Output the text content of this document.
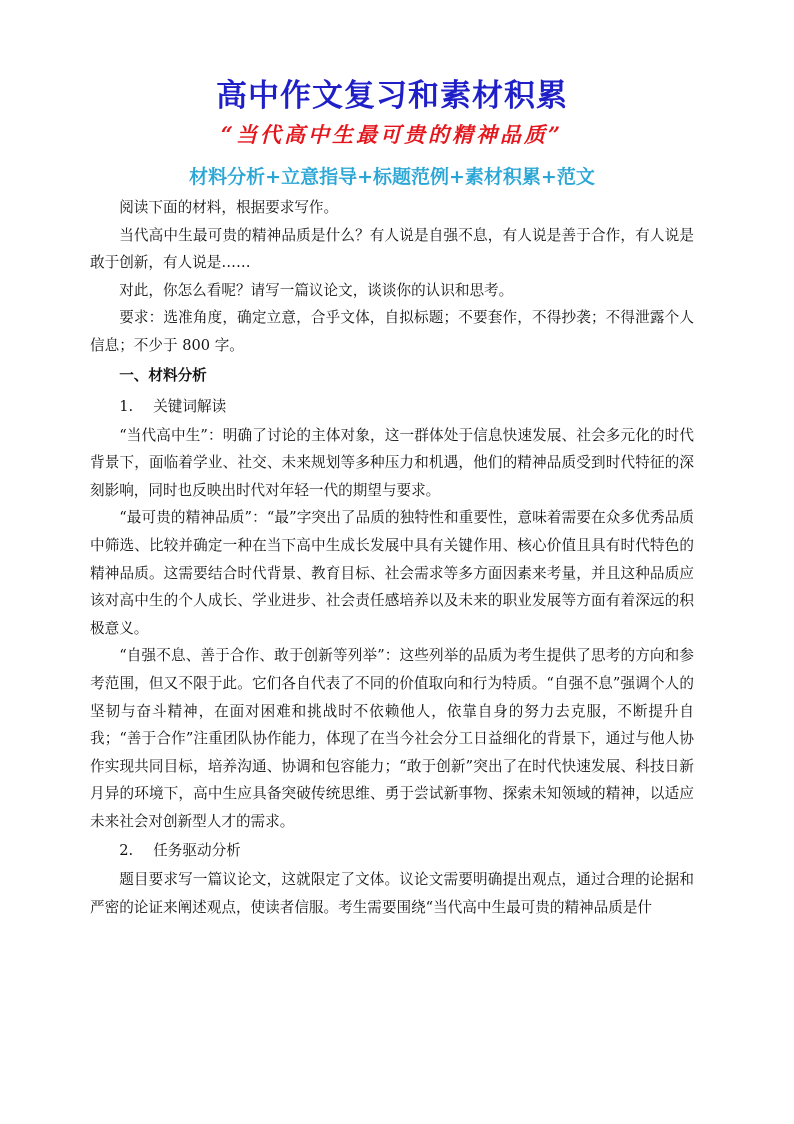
高中作文复习和素材积累
“当代高中生最可贵的精神品质”
材料分析+立意指导+标题范例+素材积累+范文

阅读下面的材料，根据要求写作。

当代高中生最可贵的精神品质是什么？有人说是自强不息，有人说是善于合作，有人说是敢于创新，有人说是……

对此，你怎么看呢？请写一篇议论文，谈谈你的认识和思考。

要求：选准角度，确定立意，合乎文体，自拟标题；不要套作，不得抄袭；不得泄露个人信息；不少于 800 字。

一、材料分析

1. 关键词解读

“当代高中生”：明确了讨论的主体对象，这一群体处于信息快速发展、社会多元化的时代背景下，面临着学业、社交、未来规划等多种压力和机遇，他们的精神品质受到时代特征的深刻影响，同时也反映出时代对年轻一代的期望与要求。

“最可贵的精神品质”：“最”字突出了品质的独特性和重要性，意味着需要在众多优秀品质中筛选、比较并确定一种在当下高中生成长发展中具有关键作用、核心价值且具有时代特色的精神品质。这需要结合时代背景、教育目标、社会需求等多方面因素来考量，并且这种品质应该对高中生的个人成长、学业进步、社会责任感培养以及未来的职业发展等方面有着深远的积极意义。

“自强不息、善于合作、敢于创新等列举”：这些列举的品质为考生提供了思考的方向和参考范围，但又不限于此。它们各自代表了不同的价值取向和行为特质。“自强不息”强调个人的坚韧与奋斗精神，在面对困难和挑战时不依赖他人，依靠自身的努力去克服，不断提升自我；“善于合作”注重团队协作能力，体现了在当今社会分工日益细化的背景下，通过与他人协作实现共同目标，培养沟通、协调和包容能力；“敢于创新”突出了在时代快速发展、科技日新月异的环境下，高中生应具备突破传统思维、勇于尝试新事物、探索未知领域的精神，以适应未来社会对创新型人才的需求。

2. 任务驱动分析

题目要求写一篇议论文，这就限定了文体。议论文需要明确提出观点，通过合理的论据和严密的论证来阐述观点，使读者信服。考生需要围绕“当代高中生最可贵的精神品质是什
